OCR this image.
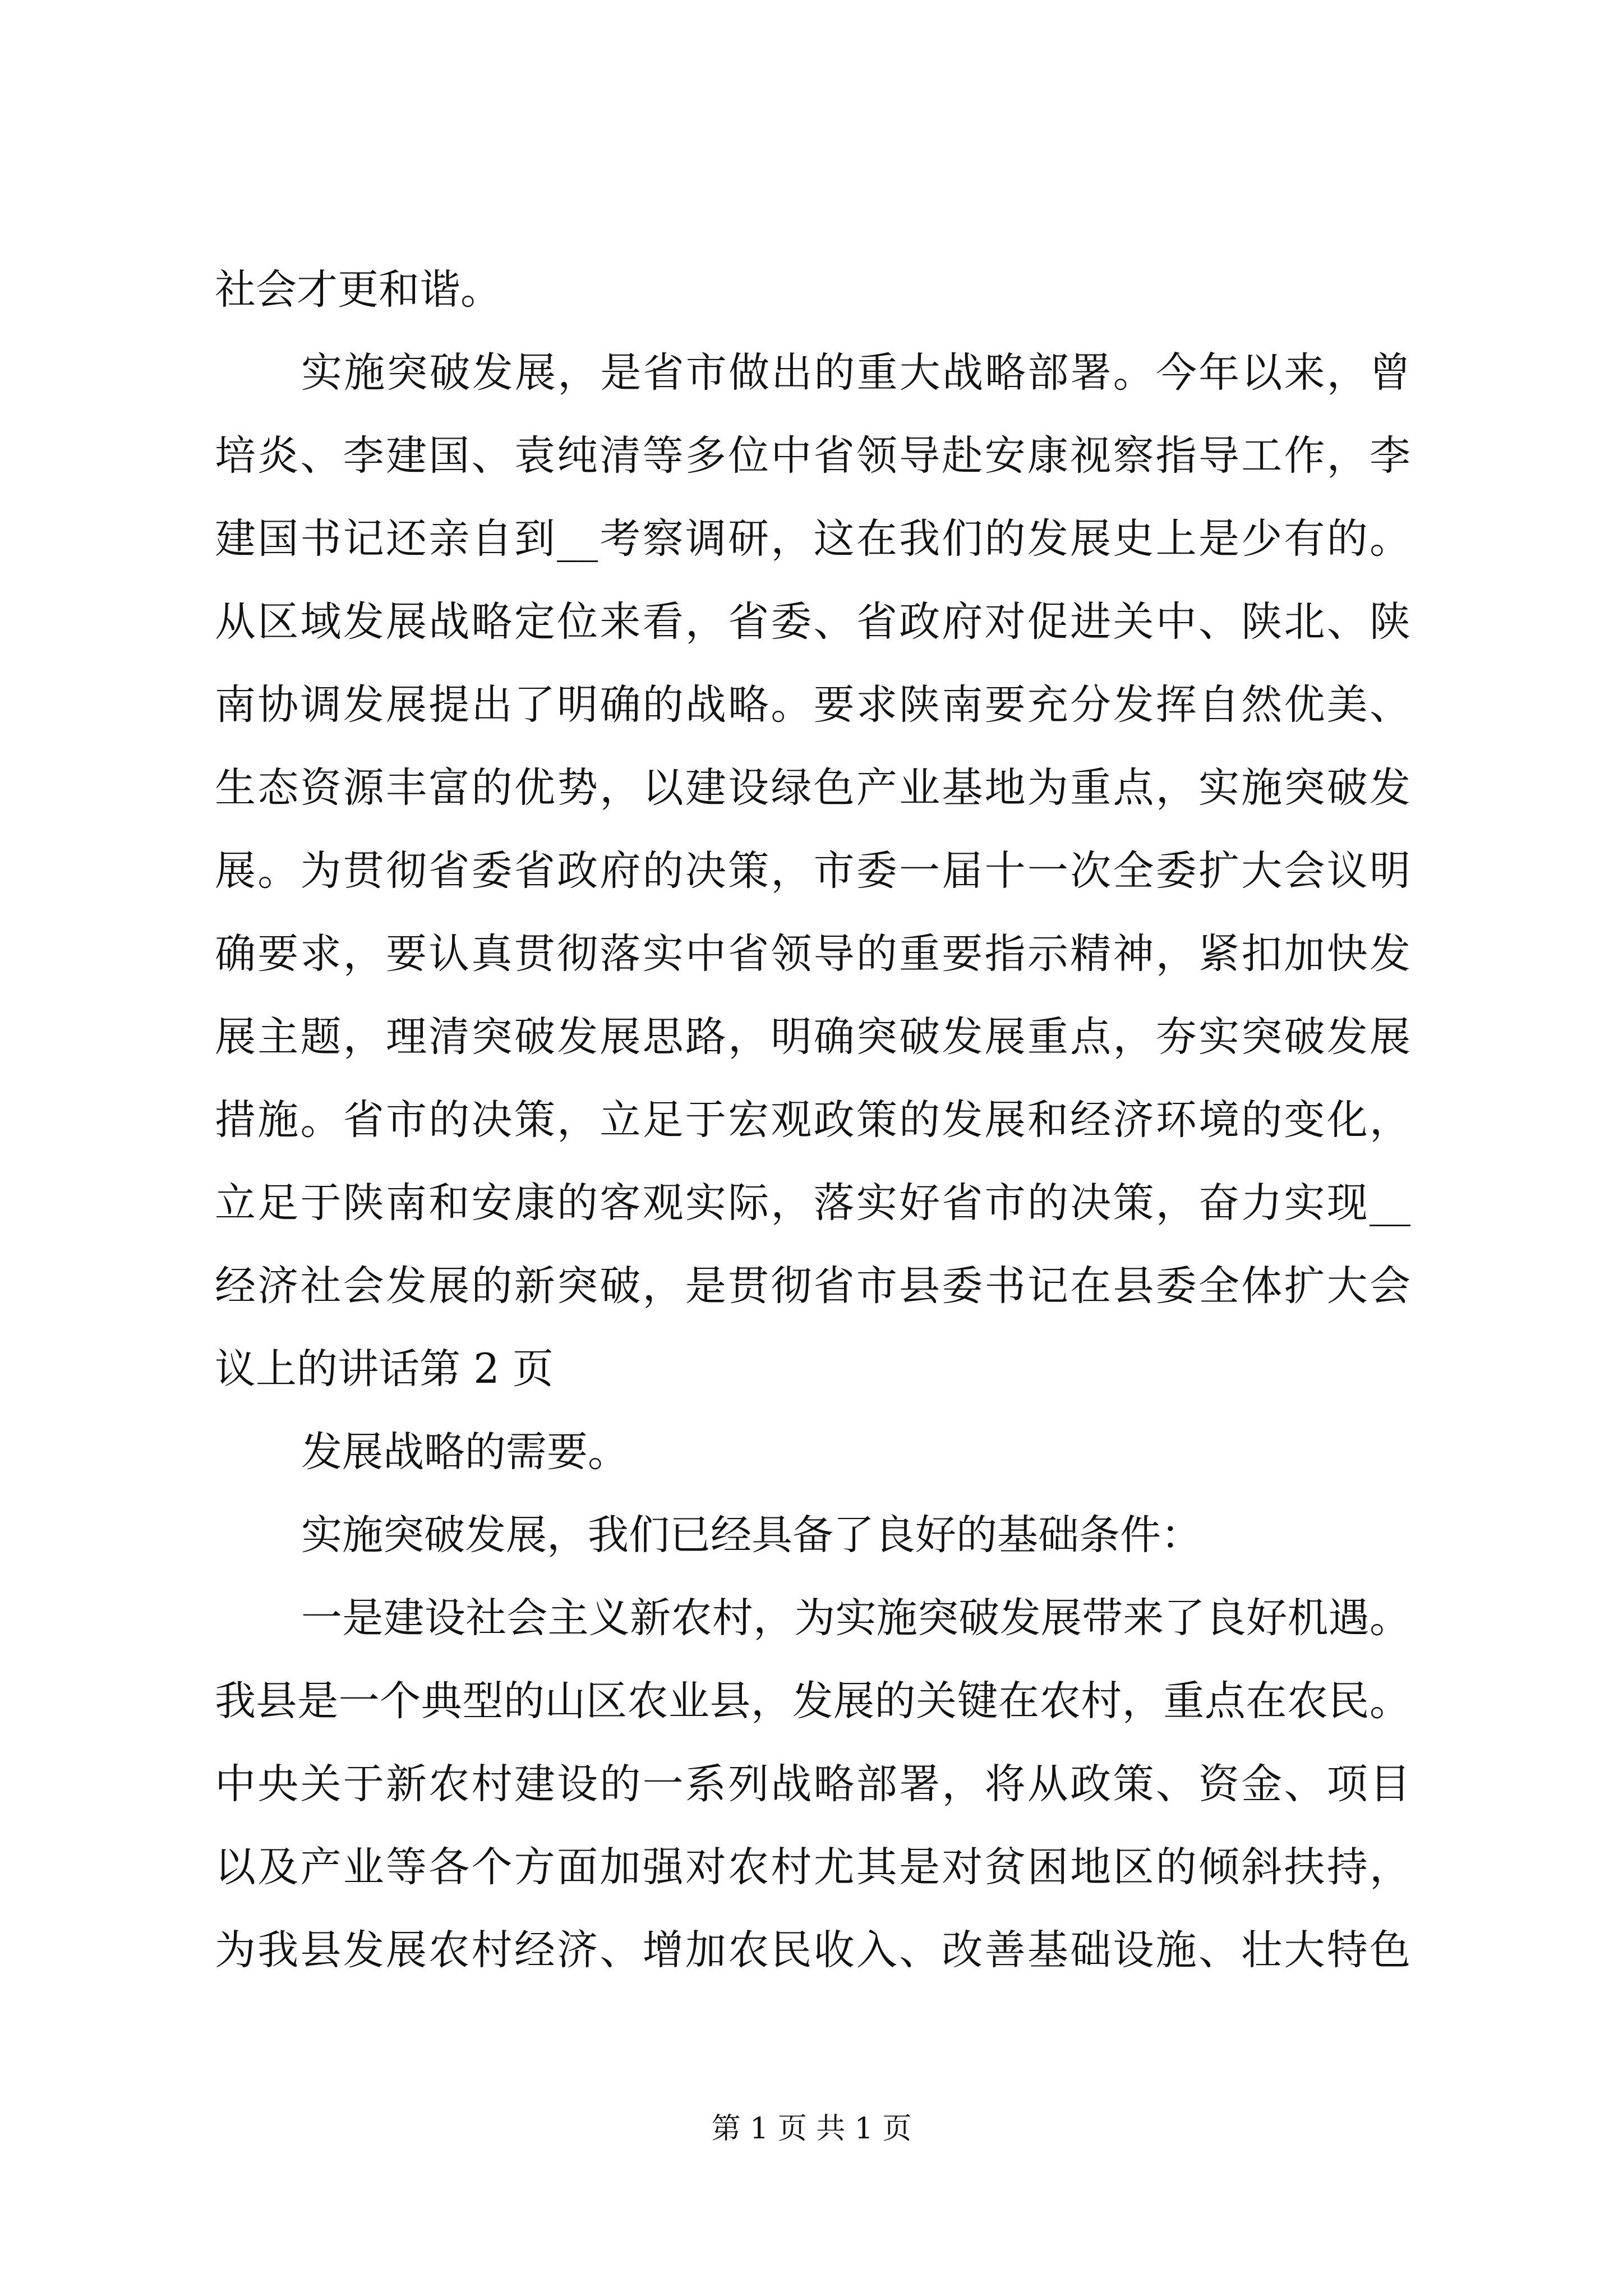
社会才更和谐。
实施突破发展，是省市做出的重大战略部署。今年以来，曾
培炎、李建国、袁纯清等多位中省领导赴安康视察指导工作，李
建国书记还亲自到__考察调研，这在我们的发展史上是少有的。
从区域发展战略定位来看，省委、省政府对促进关中、陕北、陕
南协调发展提出了明确的战略。要求陕南要充分发挥自然优美、
生态资源丰富的优势，以建设绿色产业基地为重点，实施突破发
展。为贯彻省委省政府的决策，市委一届十一次全委扩大会议明
确要求，要认真贯彻落实中省领导的重要指示精神，紧扣加快发
展主题，理清突破发展思路，明确突破发展重点，夯实突破发展
措施。省市的决策，立足于宏观政策的发展和经济环境的变化，
立足于陕南和安康的客观实际，落实好省市的决策，奋力实现__
经济社会发展的新突破，是贯彻省市县委书记在县委全体扩大会
议上的讲话第 2 页
发展战略的需要。
实施突破发展，我们已经具备了良好的基础条件：
一是建设社会主义新农村，为实施突破发展带来了良好机遇。
我县是一个典型的山区农业县，发展的关键在农村，重点在农民。
中央关于新农村建设的一系列战略部署，将从政策、资金、项目
以及产业等各个方面加强对农村尤其是对贫困地区的倾斜扶持，
为我县发展农村经济、增加农民收入、改善基础设施、壮大特色
第 1 页 共 1 页
